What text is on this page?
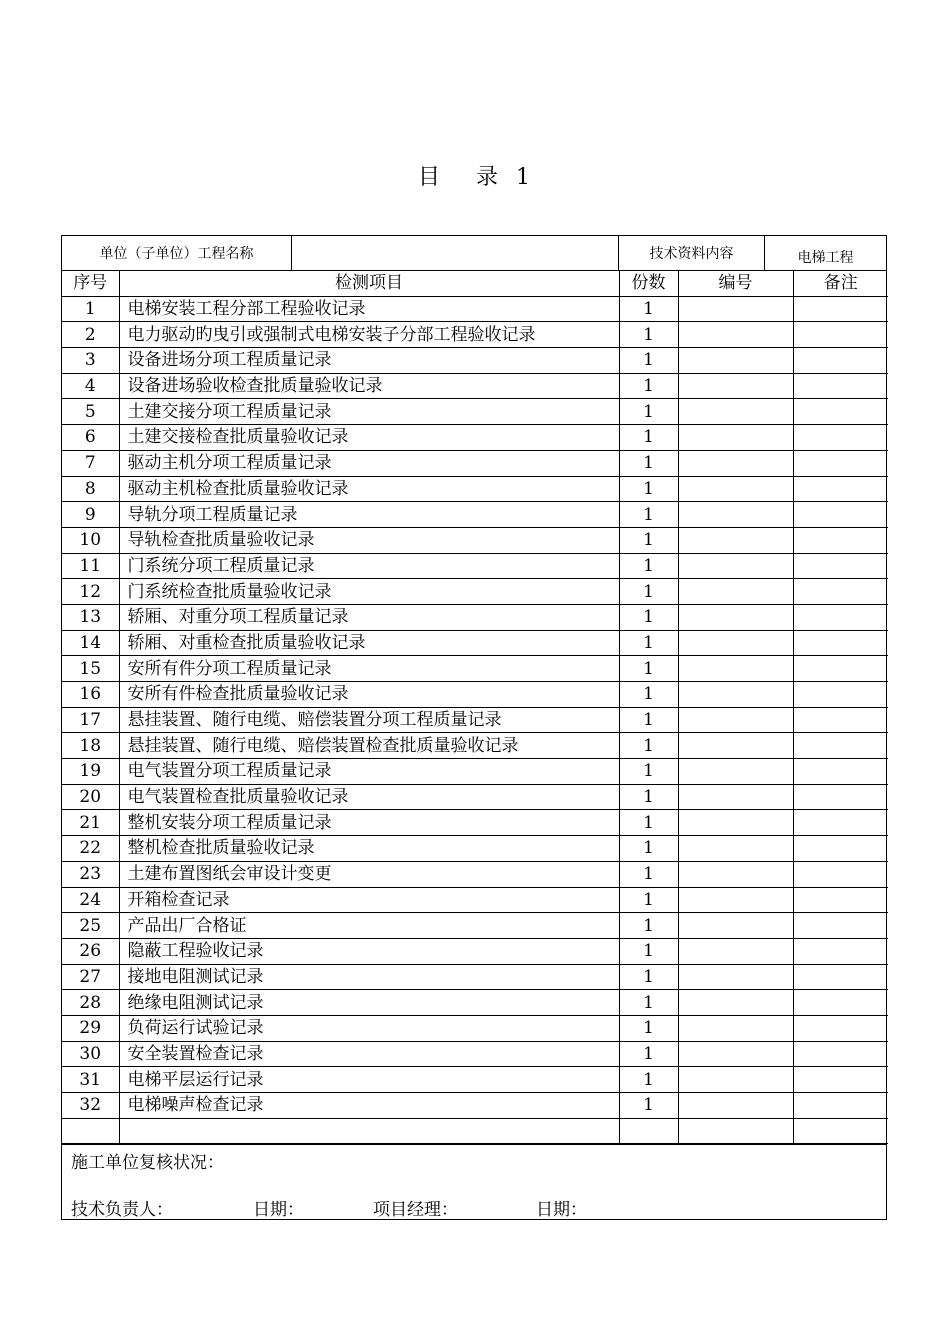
目 录 1
单位（子单位）工程名称	技术资料内容	电梯工程
序号	检测项目	份数	编号	备注
1	电梯安装工程分部工程验收记录	1		
2	电力驱动旳曳引或强制式电梯安装子分部工程验收记录	1		
3	设备进场分项工程质量记录	1		
4	设备进场验收检查批质量验收记录	1		
5	土建交接分项工程质量记录	1		
6	土建交接检查批质量验收记录	1		
7	驱动主机分项工程质量记录	1		
8	驱动主机检查批质量验收记录	1		
9	导轨分项工程质量记录	1		
10	导轨检查批质量验收记录	1		
11	门系统分项工程质量记录	1		
12	门系统检查批质量验收记录	1		
13	轿厢、对重分项工程质量记录	1		
14	轿厢、对重检查批质量验收记录	1		
15	安所有件分项工程质量记录	1		
16	安所有件检查批质量验收记录	1		
17	悬挂装置、随行电缆、赔偿装置分项工程质量记录	1		
18	悬挂装置、随行电缆、赔偿装置检查批质量验收记录	1		
19	电气装置分项工程质量记录	1		
20	电气装置检查批质量验收记录	1		
21	整机安装分项工程质量记录	1		
22	整机检查批质量验收记录	1		
23	土建布置图纸会审设计变更	1		
24	开箱检查记录	1		
25	产品出厂合格证	1		
26	隐蔽工程验收记录	1		
27	接地电阻测试记录	1		
28	绝缘电阻测试记录	1		
29	负荷运行试验记录	1		
30	安全装置检查记录	1		
31	电梯平层运行记录	1		
32	电梯噪声检查记录	1		

施工单位复核状况：
技术负责人：	日期：	项目经理：	日期：
